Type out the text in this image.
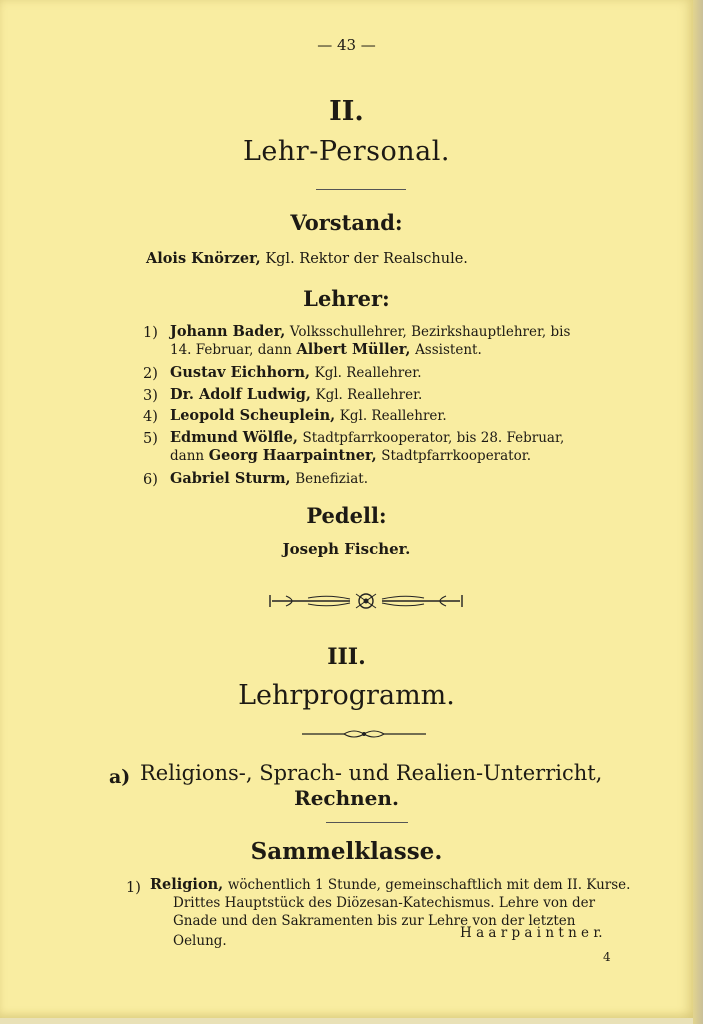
— 43 —
II.
Lehr-Personal.
Vorstand:
Alois Knörzer, Kgl. Rektor der Realschule.
Lehrer:
1) Johann Bader, Volksschullehrer, Bezirkshauptlehrer, bis
14. Februar, dann Albert Müller, Assistent.
2) Gustav Eichhorn, Kgl. Reallehrer.
3) Dr. Adolf Ludwig, Kgl. Reallehrer.
4) Leopold Scheuplein, Kgl. Reallehrer.
5) Edmund Wölfle, Stadtpfarrkooperator, bis 28. Februar,
dann Georg Haarpaintner, Stadtpfarrkooperator.
6) Gabriel Sturm, Benefiziat.
Pedell:
Joseph Fischer.
III.
Lehrprogramm.
a) Religions-, Sprach- und Realien-Unterricht,
Rechnen.
Sammelklasse.
1) Religion, wöchentlich 1 Stunde, gemeinschaftlich mit dem II. Kurse.
Drittes Hauptstück des Diözesan-Katechismus. Lehre von der
Gnade und den Sakramenten bis zur Lehre von der letzten
Oelung.	H a a r p a i n t n e r.
4
